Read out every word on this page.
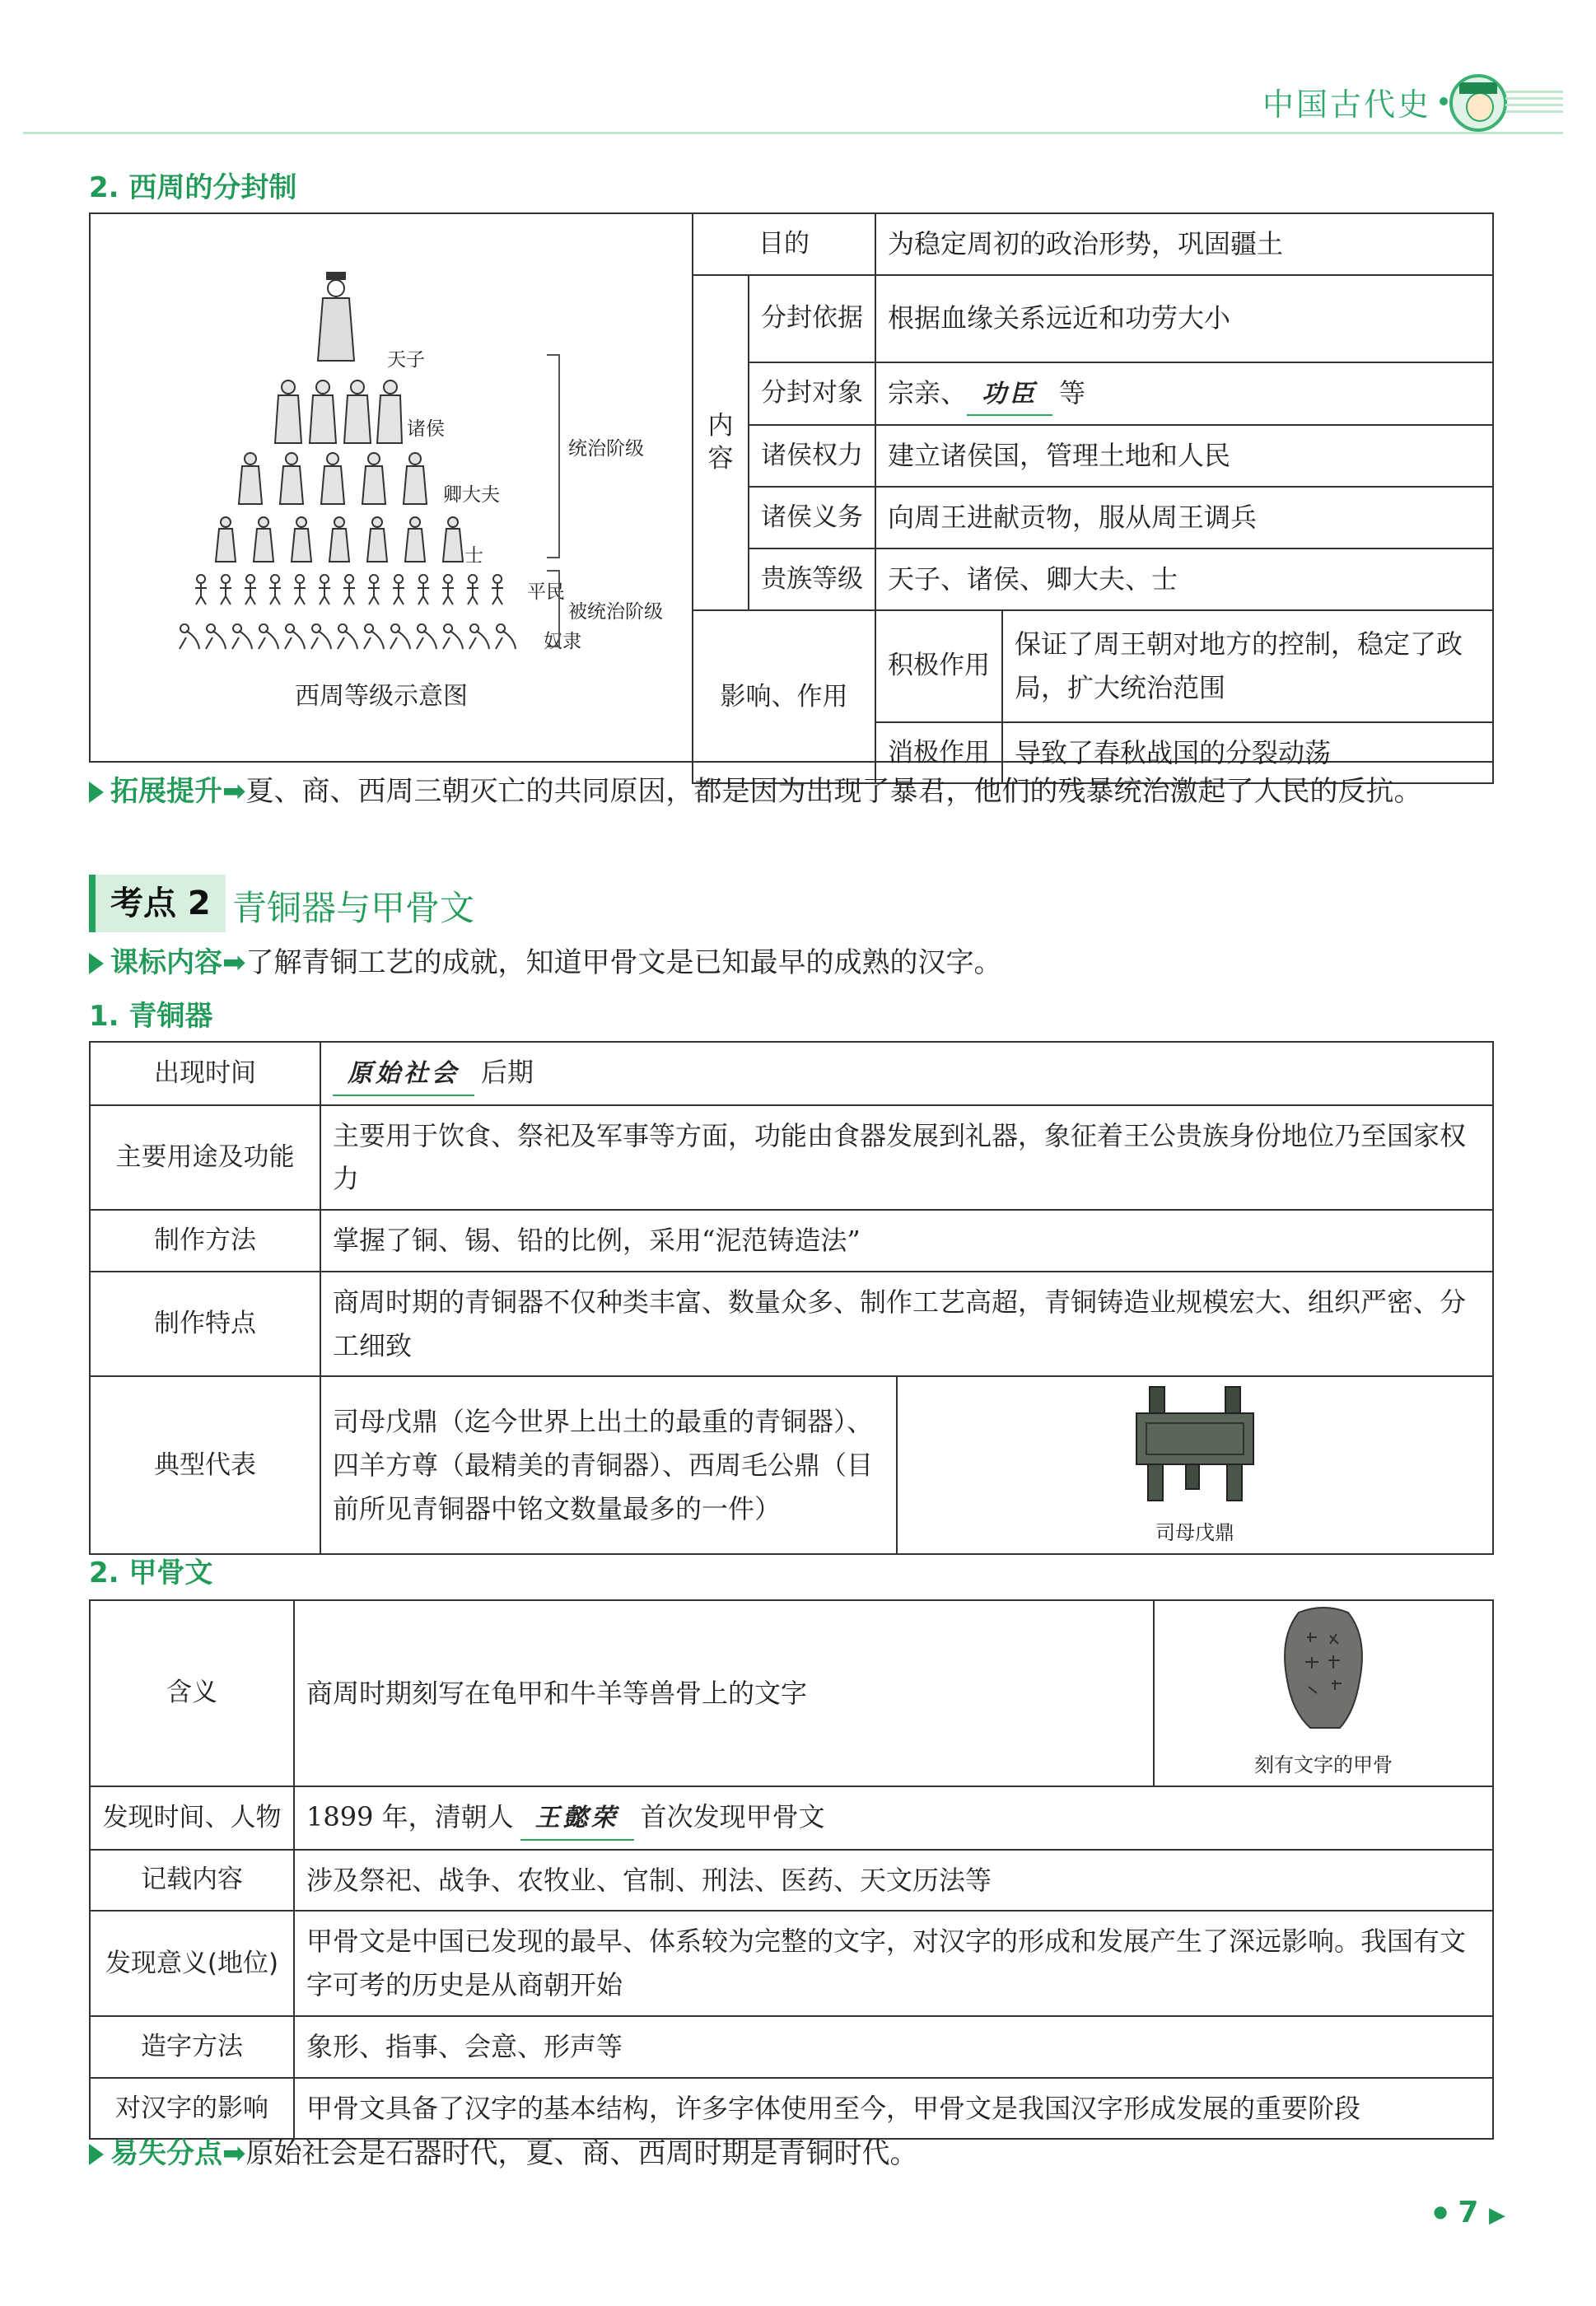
中国古代史
2. 西周的分封制
天子
诸侯
卿大夫
士
平民
奴隶
统治阶级
被统治阶级
西周等级示意图
目的		为稳定周初的政治形势，巩固疆土	
内容	分封依据	根据血缘关系远近和功劳大小	
	分封对象	宗亲、 功臣 等	
	诸侯权力	建立诸侯国，管理土地和人民	
	诸侯义务	向周王进献贡物，服从周王调兵	
	贵族等级	天子、诸侯、卿大夫、士	
影响、作用		积极作用	保证了周王朝对地方的控制，稳定了政局，扩大统治范围
		消极作用	导致了春秋战国的分裂动荡
拓展提升➡夏、商、西周三朝灭亡的共同原因，都是因为出现了暴君，他们的残暴统治激起了人民的反抗。
考点 2 青铜器与甲骨文
课标内容➡了解青铜工艺的成就，知道甲骨文是已知最早的成熟的汉字。
1. 青铜器
出现时间	原始社会 后期	
主要用途及功能	主要用于饮食、祭祀及军事等方面，功能由食器发展到礼器，象征着王公贵族身份地位乃至国家权力	
制作方法	掌握了铜、锡、铅的比例，采用“泥范铸造法”	
制作特点	商周时期的青铜器不仅种类丰富、数量众多、制作工艺高超，青铜铸造业规模宏大、组织严密、分工细致	
典型代表	司母戊鼎（迄今世界上出土的最重的青铜器）、四羊方尊（最精美的青铜器）、西周毛公鼎（目前所见青铜器中铭文数量最多的一件）	司母戊鼎
2. 甲骨文
含义	商周时期刻写在龟甲和牛羊等兽骨上的文字	刻有文字的甲骨

发现时间、人物	1899 年，清朝人 王懿荣 首次发现甲骨文	
记载内容	涉及祭祀、战争、农牧业、官制、刑法、医药、天文历法等	
发现意义(地位)	甲骨文是中国已发现的最早、体系较为完整的文字，对汉字的形成和发展产生了深远影响。我国有文字可考的历史是从商朝开始	
造字方法	象形、指事、会意、形声等	
对汉字的影响	甲骨文具备了汉字的基本结构，许多字体使用至今，甲骨文是我国汉字形成发展的重要阶段	
易失分点➡原始社会是石器时代，夏、商、西周时期是青铜时代。
● 7 ▶
